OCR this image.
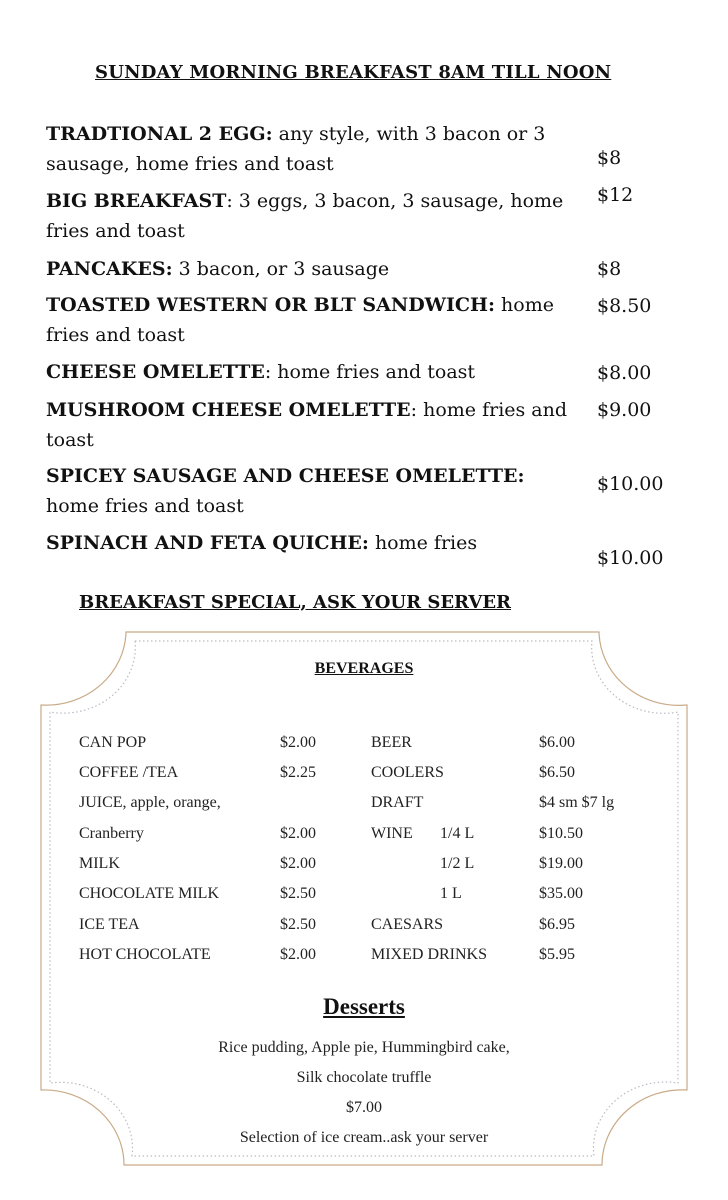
SUNDAY MORNING BREAKFAST 8AM TILL NOON
TRADTIONAL 2 EGG: any style, with 3 bacon or 3 sausage, home fries and toast	$8
BIG BREAKFAST: 3 eggs, 3 bacon, 3 sausage, home fries and toast
$12
PANCAKES: 3 bacon, or 3 sausage	$8
TOASTED WESTERN OR BLT SANDWICH: home fries and toast
$8.50
CHEESE OMELETTE: home fries and toast	$8.00
MUSHROOM CHEESE OMELETTE: home fries and toast
$9.00
SPICEY SAUSAGE AND CHEESE OMELETTE: home fries and toast
$10.00
SPINACH AND FETA QUICHE: home fries
$10.00
BREAKFAST SPECIAL, ASK YOUR SERVER
BEVERAGES
CAN POP	$2.00
COFFEE /TEA	$2.25
JUICE, apple, orange,
Cranberry	$2.00
MILK	$2.00
CHOCOLATE MILK	$2.50
ICE TEA	$2.50
HOT CHOCOLATE	$2.00
BEER	$6.00
COOLERS	$6.50
DRAFT	$4 sm $7 lg
WINE 1/4 L	$10.50
1/2 L	$19.00
1 L	$35.00
CAESARS	$6.95
MIXED DRINKS	$5.95
Desserts
Rice pudding, Apple pie, Hummingbird cake,
Silk chocolate truffle
$7.00
Selection of ice cream..ask your server
